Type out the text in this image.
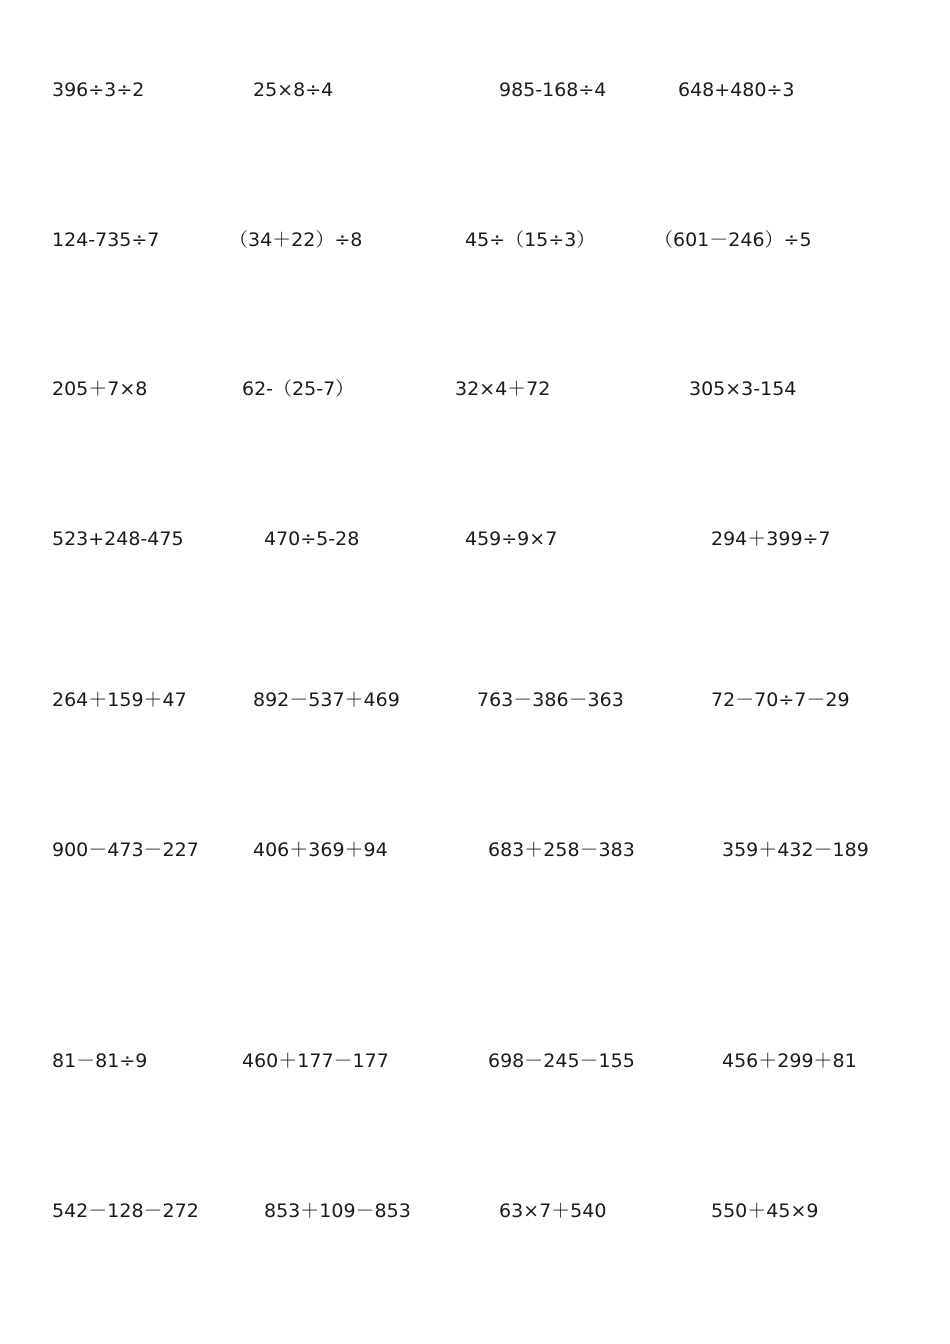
396÷3÷2	25×8÷4	985-168÷4	648+480÷3
124-735÷7	（34＋22）÷8	45÷（15÷3）	（601－246）÷5
205＋7×8	62-（25-7）	32×4＋72	305×3-154
523+248-475	470÷5-28	459÷9×7	294＋399÷7
264＋159＋47	892－537＋469	763－386－363	72－70÷7－29
900－473－227	406＋369＋94	683＋258－383	359＋432－189
81－81÷9	460＋177－177	698－245－155	456＋299＋81
542－128－272	853＋109－853	63×7＋540	550＋45×9
